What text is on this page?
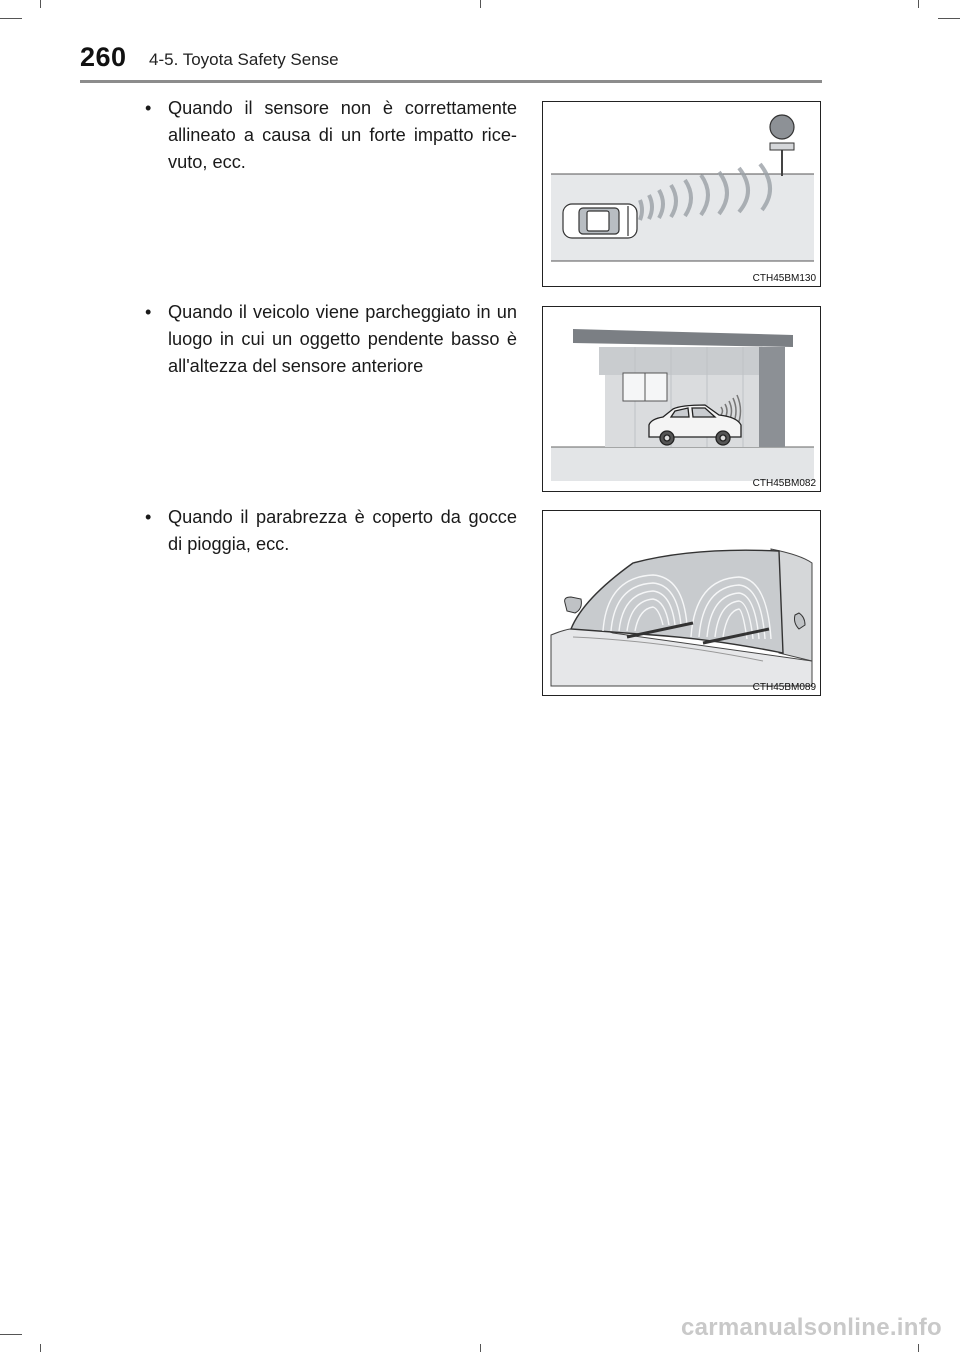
260 4-5. Toyota Safety Sense
• Quando il sensore non è correttamente allineato a causa di un forte impatto rice-vuto, ecc.
CTH45BM130
• Quando il veicolo viene parcheggiato in un luogo in cui un oggetto pendente basso è all'altezza del sensore anteriore
CTH45BM082
• Quando il parabrezza è coperto da gocce di pioggia, ecc.
CTH45BM089
carmanualsonline.info
